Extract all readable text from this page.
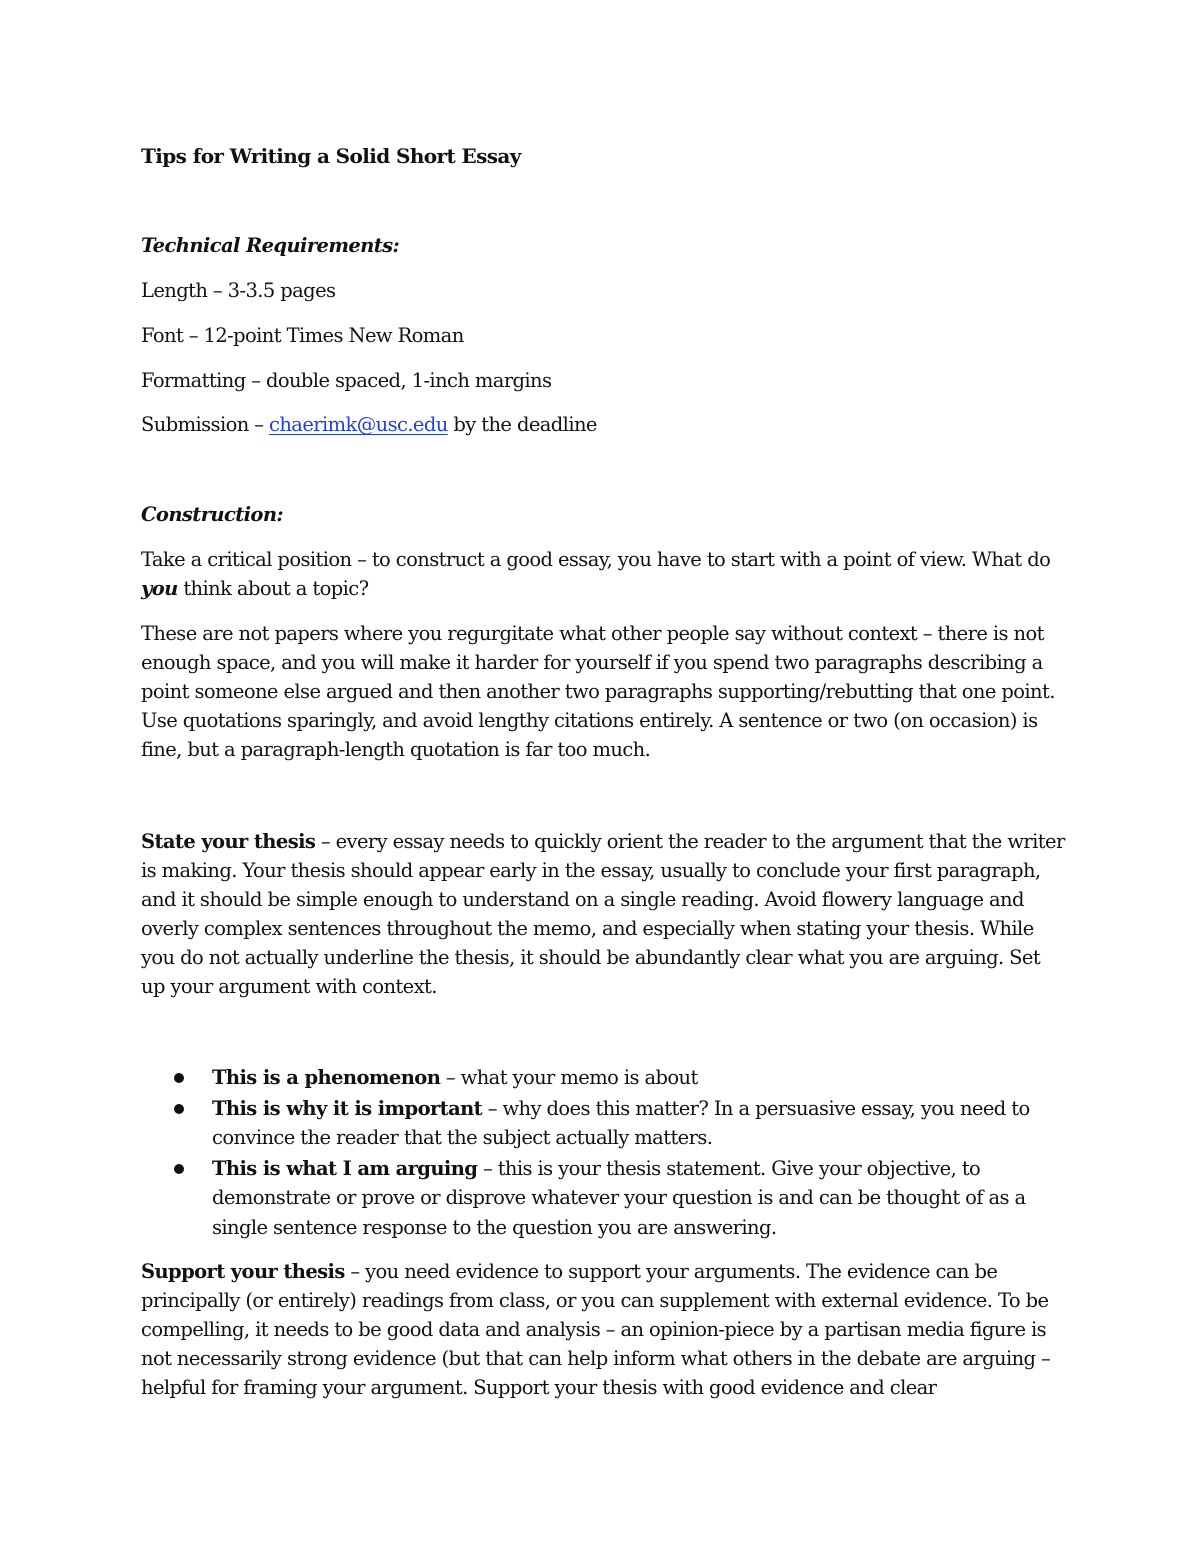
Tips for Writing a Solid Short Essay

Technical Requirements:

Length – 3-3.5 pages

Font – 12-point Times New Roman

Formatting – double spaced, 1-inch margins

Submission – chaerimk@usc.edu by the deadline

Construction:

Take a critical position – to construct a good essay, you have to start with a point of view. What do you think about a topic?

These are not papers where you regurgitate what other people say without context – there is not enough space, and you will make it harder for yourself if you spend two paragraphs describing a point someone else argued and then another two paragraphs supporting/rebutting that one point. Use quotations sparingly, and avoid lengthy citations entirely. A sentence or two (on occasion) is fine, but a paragraph-length quotation is far too much.

State your thesis – every essay needs to quickly orient the reader to the argument that the writer is making. Your thesis should appear early in the essay, usually to conclude your first paragraph, and it should be simple enough to understand on a single reading. Avoid flowery language and overly complex sentences throughout the memo, and especially when stating your thesis. While you do not actually underline the thesis, it should be abundantly clear what you are arguing. Set up your argument with context.

This is a phenomenon – what your memo is about
This is why it is important – why does this matter? In a persuasive essay, you need to convince the reader that the subject actually matters.
This is what I am arguing – this is your thesis statement. Give your objective, to demonstrate or prove or disprove whatever your question is and can be thought of as a single sentence response to the question you are answering.

Support your thesis – you need evidence to support your arguments. The evidence can be principally (or entirely) readings from class, or you can supplement with external evidence. To be compelling, it needs to be good data and analysis – an opinion-piece by a partisan media figure is not necessarily strong evidence (but that can help inform what others in the debate are arguing – helpful for framing your argument. Support your thesis with good evidence and clear
